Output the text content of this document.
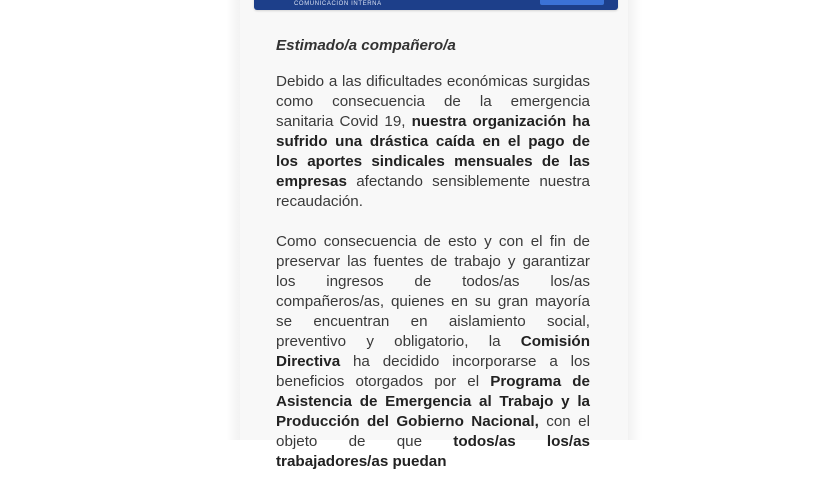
COMUNICACIÓN INTERNA

Estimado/a compañero/a

Debido a las dificultades económicas surgidas como consecuencia de la emergencia sanitaria Covid 19, nuestra organización ha sufrido una drástica caída en el pago de los aportes sindicales mensuales de las empresas afectando sensiblemente nuestra recaudación.

Como consecuencia de esto y con el fin de preservar las fuentes de trabajo y garantizar los ingresos de todos/as los/as compañeros/as, quienes en su gran mayoría se encuentran en aislamiento social, preventivo y obligatorio, la Comisión Directiva ha decidido incorporarse a los beneficios otorgados por el Programa de Asistencia de Emergencia al Trabajo y la Producción del Gobierno Nacional, con el objeto de que todos/as los/as trabajadores/as puedan
